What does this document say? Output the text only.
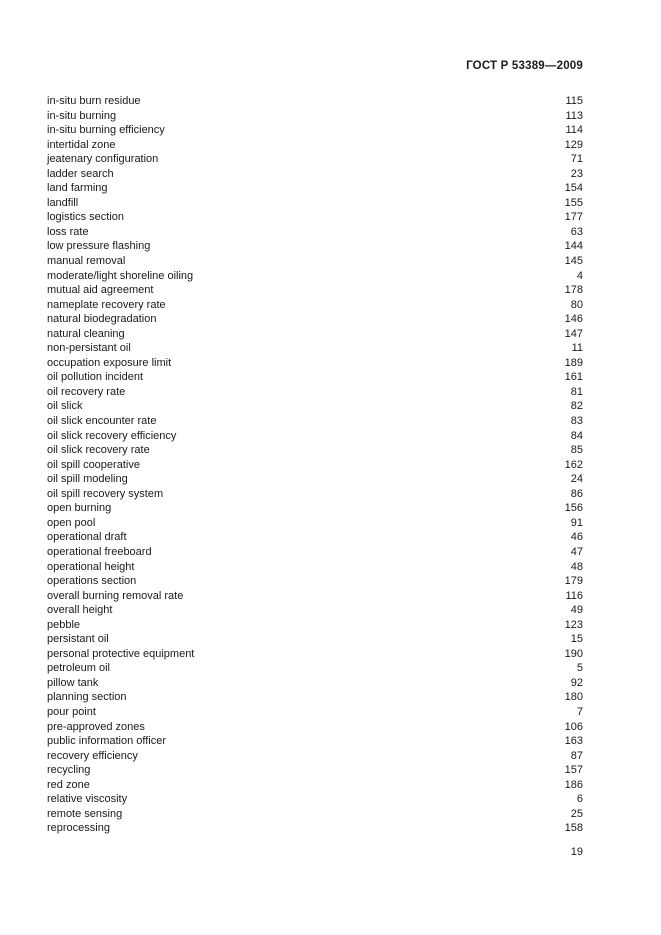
ГОСТ Р 53389—2009
in-situ burn residue	115
in-situ burning	113
in-situ burning efficiency	114
intertidal zone	129
jeatenary configuration	71
ladder search	23
land farming	154
landfill	155
logistics section	177
loss rate	63
low pressure flashing	144
manual removal	145
moderate/light shoreline oiling	4
mutual aid agreement	178
nameplate recovery rate	80
natural biodegradation	146
natural cleaning	147
non-persistant oil	11
occupation exposure limit	189
oil pollution incident	161
oil recovery rate	81
oil slick	82
oil slick encounter rate	83
oil slick recovery efficiency	84
oil slick recovery rate	85
oil spill cooperative	162
oil spill modeling	24
oil spill recovery system	86
open burning	156
open pool	91
operational draft	46
operational freeboard	47
operational height	48
operations section	179
overall burning removal rate	116
overall height	49
pebble	123
persistant oil	15
personal protective equipment	190
petroleum oil	5
pillow tank	92
planning section	180
pour point	7
pre-approved zones	106
public information officer	163
recovery efficiency	87
recycling	157
red zone	186
relative viscosity	6
remote sensing	25
reprocessing	158
19
